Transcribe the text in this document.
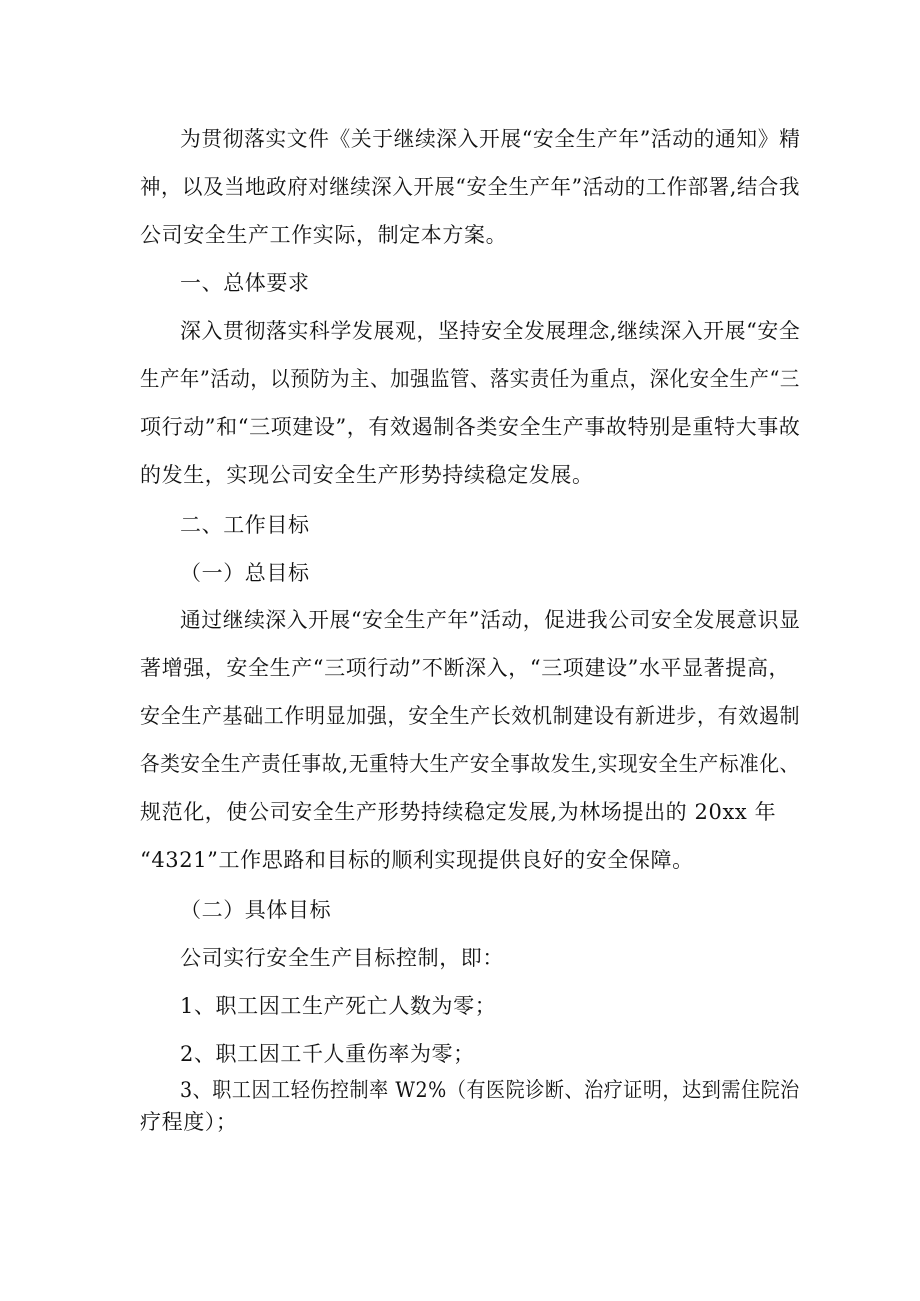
为贯彻落实文件《关于继续深入开展“安全生产年”活动的通知》精
神，以及当地政府对继续深入开展“安全生产年”活动的工作部署,结合我
公司安全生产工作实际，制定本方案。
一、总体要求
深入贯彻落实科学发展观，坚持安全发展理念,继续深入开展“安全
生产年”活动，以预防为主、加强监管、落实责任为重点，深化安全生产“三
项行动”和“三项建设”，有效遏制各类安全生产事故特别是重特大事故
的发生，实现公司安全生产形势持续稳定发展。
二、工作目标
（一）总目标
通过继续深入开展“安全生产年”活动，促进我公司安全发展意识显
著增强，安全生产“三项行动”不断深入，“三项建设”水平显著提高，
安全生产基础工作明显加强，安全生产长效机制建设有新进步，有效遏制
各类安全生产责任事故,无重特大生产安全事故发生,实现安全生产标准化、
规范化，使公司安全生产形势持续稳定发展,为林场提出的 20xx 年
“4321”工作思路和目标的顺利实现提供良好的安全保障。
（二）具体目标
公司实行安全生产目标控制，即：
1、职工因工生产死亡人数为零；
2、职工因工千人重伤率为零；
3、职工因工轻伤控制率 W2%（有医院诊断、治疗证明，达到需住院治
疗程度）；
